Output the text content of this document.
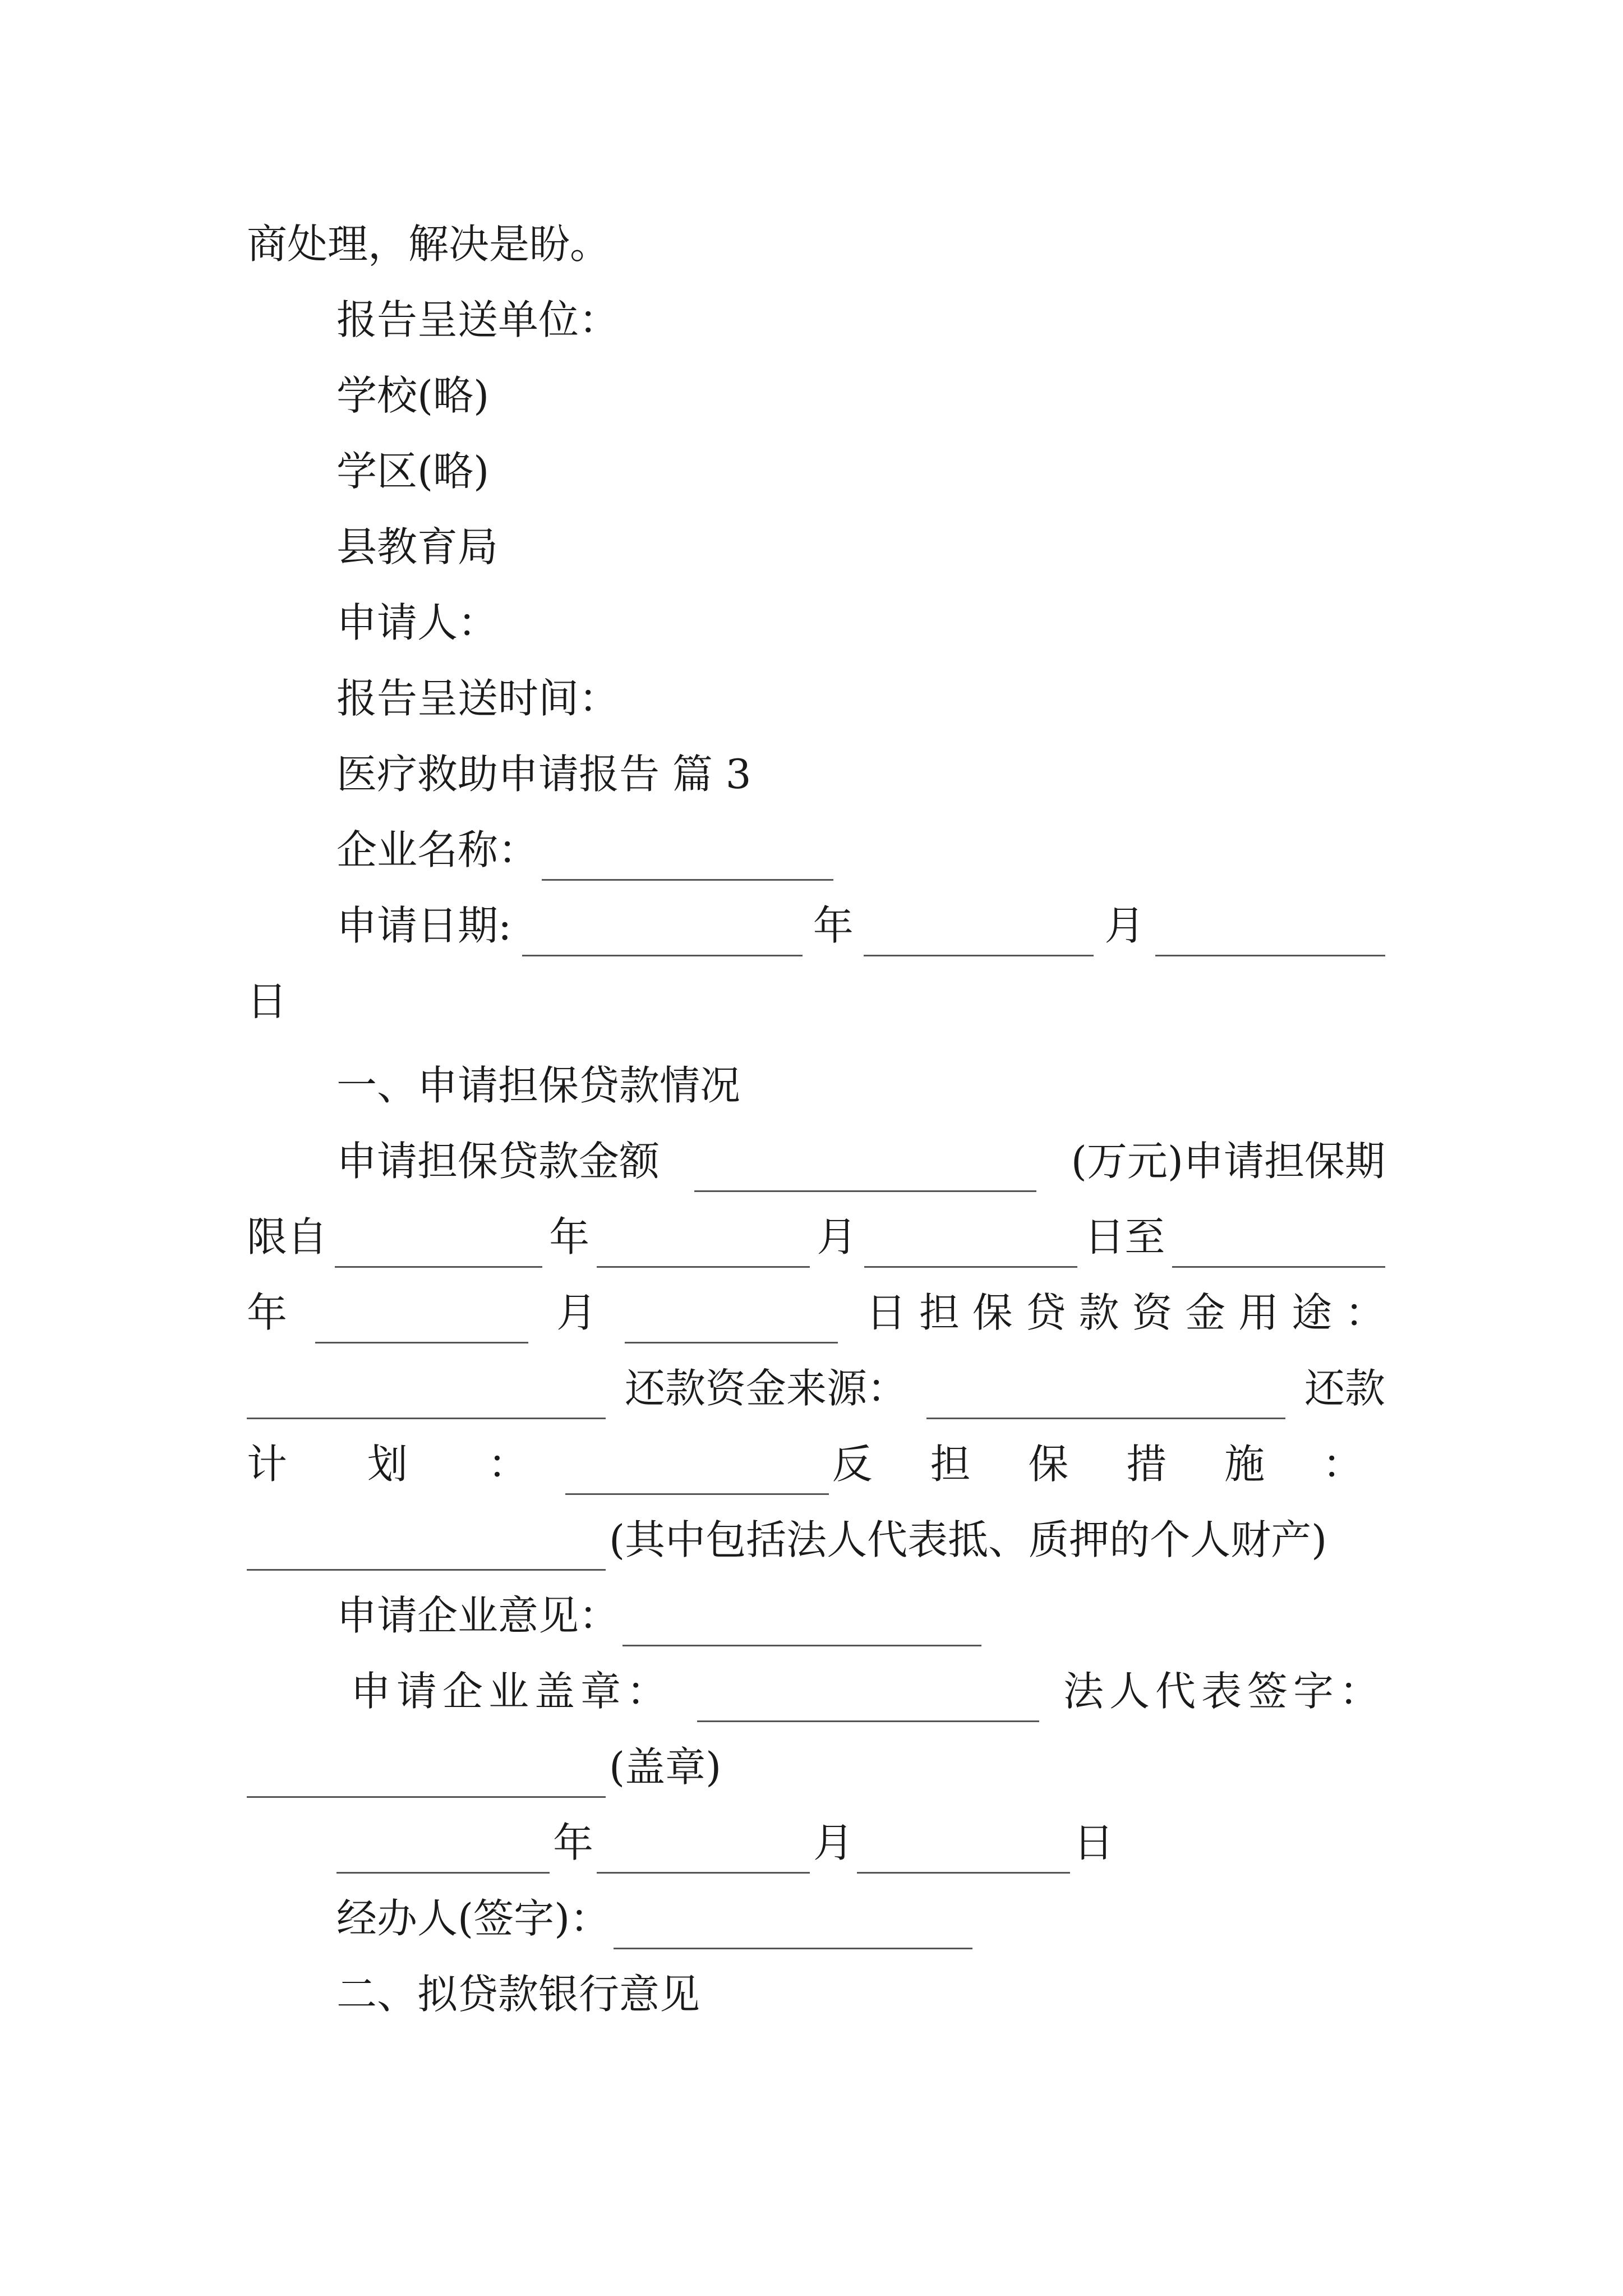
商处理，解决是盼。
报告呈送单位：
学校(略)
学区(略)
县教育局
申请人：
报告呈送时间：
医疗救助申请报告 篇 3
企业名称：
申请日期:	年	月
日
一、申请担保贷款情况
申请担保贷款金额	(万元)申请担保期
限自	年	月	日至
年	月	日 担 保 贷 款 资 金 用 途 ：
还款资金来源：	还款
计 划 ：	反 担 保 措 施 ：
(其中包括法人代表抵、质押的个人财产)
申请企业意见：
申请企业盖章：	法人代表签字：
(盖章)
年	月	日
经办人(签字)：
二、拟贷款银行意见
